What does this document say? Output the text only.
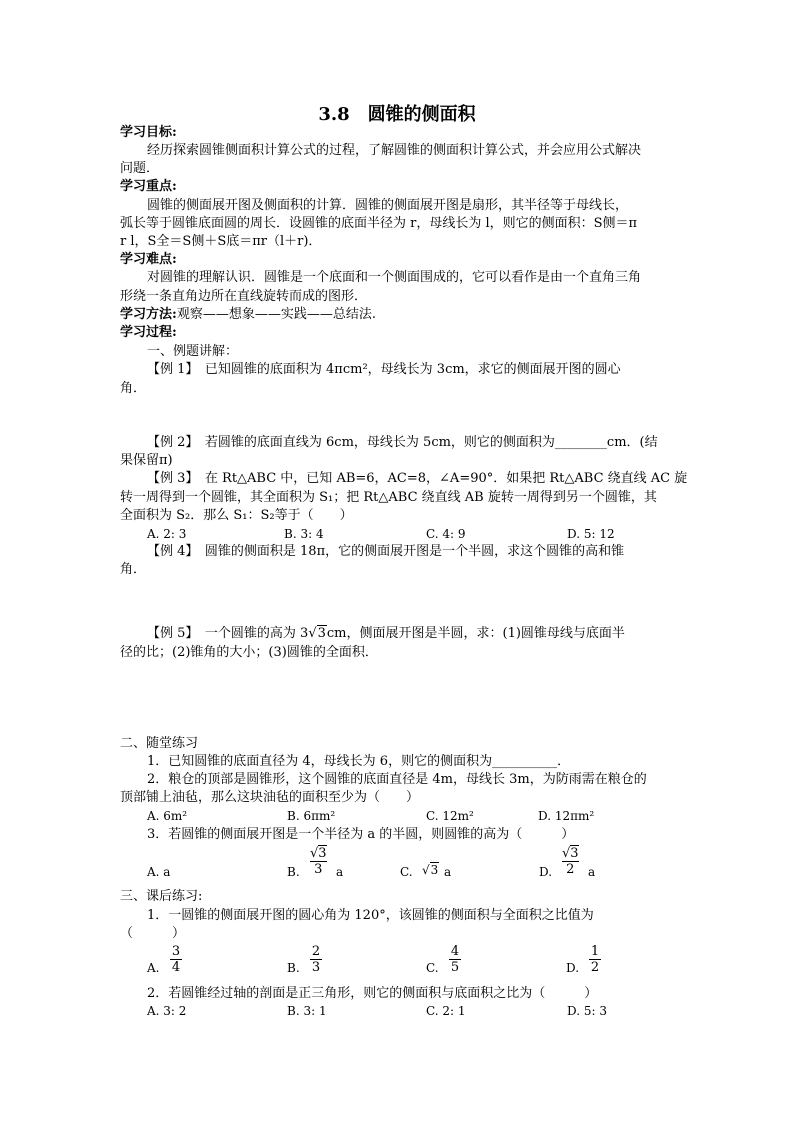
3.8　圆锥的侧面积
学习目标:
经历探索圆锥侧面积计算公式的过程，了解圆锥的侧面积计算公式，并会应用公式解决
问题．
学习重点:
圆锥的侧面展开图及侧面积的计算．圆锥的侧面展开图是扇形，其半径等于母线长，
弧长等于圆锥底面圆的周长．设圆锥的底面半径为 r，母线长为 l，则它的侧面积：S侧＝π
r l，S全＝S侧＋S底＝πr（l＋r)．
学习难点:
对圆锥的理解认识．圆锥是一个底面和一个侧面围成的，它可以看作是由一个直角三角
形绕一条直角边所在直线旋转而成的图形．
学习方法:观察——想象——实践——总结法.
学习过程:
一、例题讲解：
【例 1】　已知圆锥的底面积为 4πcm²，母线长为 3cm，求它的侧面展开图的圆心
角．
【例 2】　若圆锥的底面直线为 6cm，母线长为 5cm，则它的侧面积为________cm．(结
果保留π)
【例 3】　在 Rt△ABC 中，已知 AB=6，AC=8，∠A=90°．如果把 Rt△ABC 绕直线 AC 旋
转一周得到一个圆锥，其全面积为 S₁；把 Rt△ABC 绕直线 AB 旋转一周得到另一个圆锥，其
全面积为 S₂．那么 S₁：S₂等于（　　）
A. 2: 3	B. 3: 4	C. 4: 9	D. 5: 12
【例 4】　圆锥的侧面积是 18π，它的侧面展开图是一个半圆，求这个圆锥的高和锥
角．
【例 5】　一个圆锥的高为 3√3cm，侧面展开图是半圆，求：(1)圆锥母线与底面半
径的比；(2)锥角的大小；(3)圆锥的全面积．
二、随堂练习
1．已知圆锥的底面直径为 4，母线长为 6，则它的侧面积为__________．
2．粮仓的顶部是圆锥形，这个圆锥的底面直径是 4m，母线长 3m，为防雨需在粮仓的
顶部铺上油毡，那么这块油毡的面积至少为（　　）
A. 6m²	B. 6πm²	C. 12m²	D. 12πm²
3．若圆锥的侧面展开图是一个半径为 a 的半圆，则圆锥的高为（　　　）
A. a	B.
√3
3 a	C. √3 a	D.
√3
2 a
三、课后练习:
1．一圆锥的侧面展开图的圆心角为 120°，该圆锥的侧面积与全面积之比值为
（　　　）
A.
3
4	B.
2
3	C.
4
5	D.
1
2
2．若圆锥经过轴的剖面是正三角形，则它的侧面积与底面积之比为（　　　）
A. 3: 2	B. 3: 1	C. 2: 1	D. 5: 3
